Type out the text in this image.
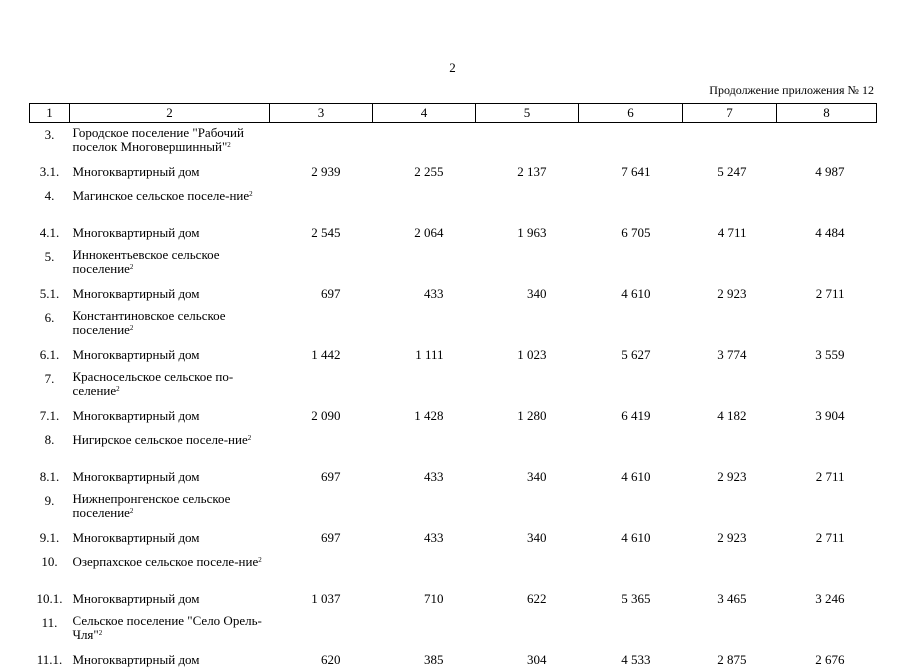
2
Продолжение приложения № 12
1	2	3	4	5	6	7	8
3.	Городское поселение "Рабочий поселок Многовершинный"$^2$						
3.1.	Многоквартирный дом	2 939	2 255	2 137	7 641	5 247	4 987
4.	Магинское сельское поселе-ние$^2$						
4.1.	Многоквартирный дом	2 545	2 064	1 963	6 705	4 711	4 484
5.	Иннокентьевское сельское поселение$^2$						
5.1.	Многоквартирный дом	697	433	340	4 610	2 923	2 711
6.	Константиновское сельское поселение$^2$						
6.1.	Многоквартирный дом	1 442	1 111	1 023	5 627	3 774	3 559
7.	Красносельское сельское по-селение$^2$						
7.1.	Многоквартирный дом	2 090	1 428	1 280	6 419	4 182	3 904
8.	Нигирское сельское поселе-ние$^2$						
8.1.	Многоквартирный дом	697	433	340	4 610	2 923	2 711
9.	Нижнепронгенское сельское поселение$^2$						
9.1.	Многоквартирный дом	697	433	340	4 610	2 923	2 711
10.	Озерпахское сельское поселе-ние$^2$						
10.1.	Многоквартирный дом	1 037	710	622	5 365	3 465	3 246
11.	Сельское поселение "Село Орель-Чля"$^2$						
11.1.	Многоквартирный дом	620	385	304	4 533	2 875	2 676
